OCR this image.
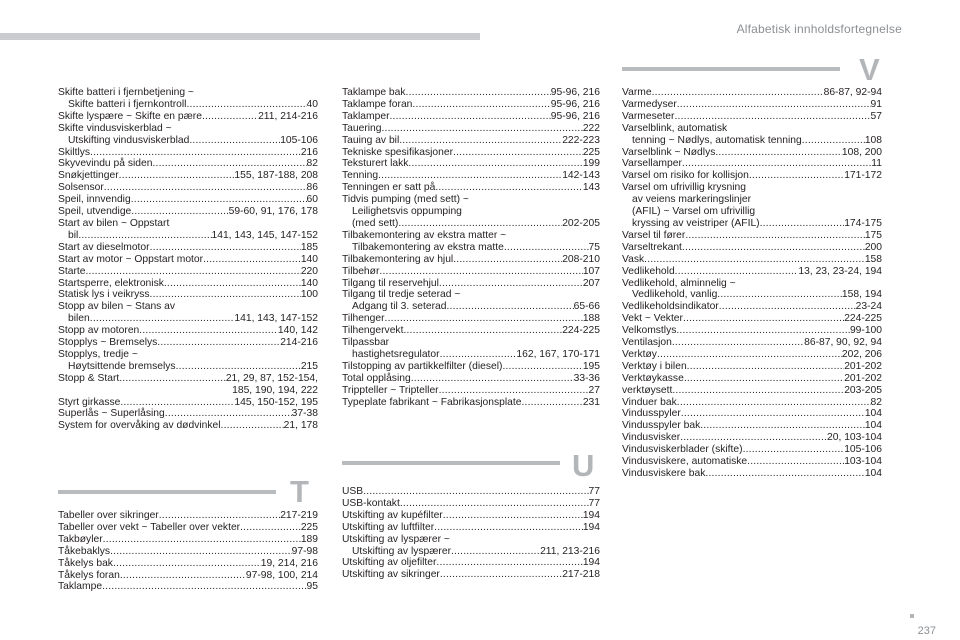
Alfabetisk innholdsfortegnelse
V
T
U
Skifte batteri i fjernbetjening ~
Skifte batteri i fjernkontroll .....	40
Skifte lyspære ~ Skifte en pære .....	211, 214-216
Skifte vindusviskerblad ~
Utskifting vindusviskerblad .....	105-106
Skiltlys .....	216
Skyvevindu på siden .....	82
Snøkjettinger .....	155, 187-188, 208
Solsensor .....	86
Speil, innvendig .....	60
Speil, utvendige .....	59-60, 91, 176, 178
Start av bilen ~ Oppstart
bil .....	141, 143, 145, 147-152
Start av dieselmotor .....	185
Start av motor ~ Oppstart motor .....	140
Starte .....	220
Startsperre, elektronisk .....	140
Statisk lys i veikryss .....	100
Stopp av bilen ~ Stans av
bilen .....	141, 143, 147-152
Stopp av motoren .....	140, 142
Stopplys ~ Bremselys .....	214-216
Stopplys, tredje ~
Høytsittende bremselys .....	215
Stopp & Start .....	21, 29, 87, 152-154,
185, 190, 194, 222
Styrt girkasse .....	145, 150-152, 195
Superlås ~ Superlåsing .....	37-38
System for overvåking av dødvinkel .....	21, 178
Tabeller over sikringer .....	217-219
Tabeller over vekt ~ Tabeller over vekter .....	225
Takbøyler .....	189
Tåkebaklys .....	97-98
Tåkelys bak .....	19, 214, 216
Tåkelys foran .....	97-98, 100, 214
Taklampe .....	95
Taklampe bak .....	95-96, 216
Taklampe foran .....	95-96, 216
Taklamper .....	95-96, 216
Tauering .....	222
Tauing av bil .....	222-223
Tekniske spesifikasjoner .....	225
Teksturert lakk .....	199
Tenning .....	142-143
Tenningen er satt på .....	143
Tidvis pumping (med sett) ~
Leilighetsvis oppumping
(med sett) .....	202-205
Tilbakemontering av ekstra matter ~
Tilbakemontering av ekstra matte .....	75
Tilbakemontering av hjul .....	208-210
Tilbehør .....	107
Tilgang til reservehjul .....	207
Tilgang til tredje seterad ~
Adgang til 3. seterad .....	65-66
Tilhenger .....	188
Tilhengervekt .....	224-225
Tilpassbar
hastighetsregulator .....	162, 167, 170-171
Tilstopping av partikkelfilter (diesel) .....	195
Total opplåsing .....	33-36
Trippteller ~ Tripteller .....	27
Typeplate fabrikant ~ Fabrikasjonsplate .....	231
USB .....	77
USB-kontakt .....	77
Utskifting av kupéfilter .....	194
Utskifting av luftfilter .....	194
Utskifting av lyspærer ~
Utskifting av lyspærer .....	211, 213-216
Utskifting av oljefilter .....	194
Utskifting av sikringer .....	217-218
Varme .....	86-87, 92-94
Varmedyser .....	91
Varmeseter .....	57
Varselblink, automatisk
tenning ~ Nødlys, automatisk tenning .....	108
Varselblink ~ Nødlys .....	108, 200
Varsellamper .....	11
Varsel om risiko for kollisjon .....	171-172
Varsel om ufrivillig krysning
av veiens markeringslinjer
(AFIL) ~ Varsel om ufrivillig
kryssing av veistriper (AFIL) .....	174-175
Varsel til fører .....	175
Varseltrekant .....	200
Vask .....	158
Vedlikehold .....	13, 23, 23-24, 194
Vedlikehold, alminnelig ~
Vedlikehold, vanlig .....	158, 194
Vedlikeholdsindikator .....	23-24
Vekt ~ Vekter .....	224-225
Velkomstlys .....	99-100
Ventilasjon .....	86-87, 90, 92, 94
Verktøy .....	202, 206
Verktøy i bilen .....	201-202
Verktøykasse .....	201-202
verktøysett .....	203-205
Vinduer bak .....	82
Vindusspyler .....	104
Vindusspyler bak .....	104
Vindusvisker .....	20, 103-104
Vindusviskerblader (skifte) .....	105-106
Vindusviskere, automatiske .....	103-104
Vindusviskere bak .....	104
237
